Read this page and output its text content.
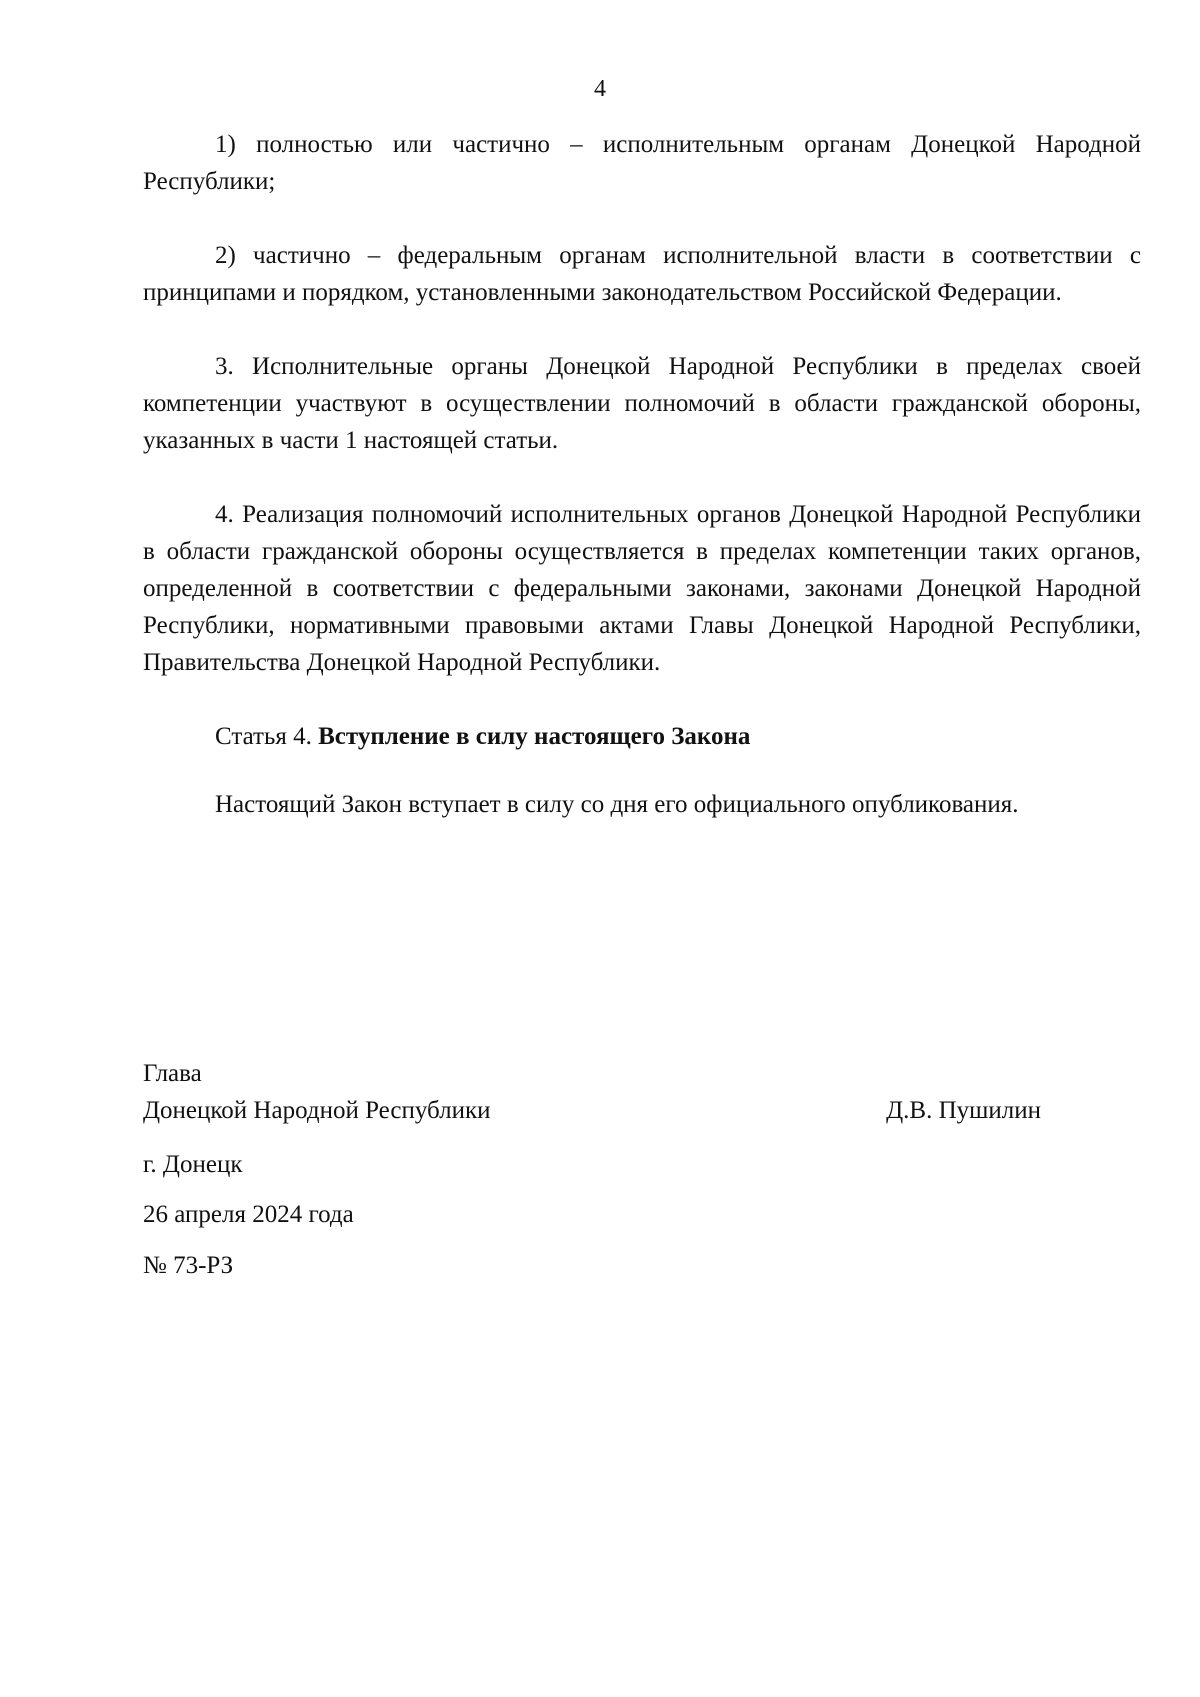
4

1) полностью или частично – исполнительным органам Донецкой Народной Республики;

2) частично – федеральным органам исполнительной власти в соответствии с принципами и порядком, установленными законодательством Российской Федерации.

3. Исполнительные органы Донецкой Народной Республики в пределах своей компетенции участвуют в осуществлении полномочий в области гражданской обороны, указанных в части 1 настоящей статьи.

4. Реализация полномочий исполнительных органов Донецкой Народной Республики в области гражданской обороны осуществляется в пределах компетенции таких органов, определенной в соответствии с федеральными законами, законами Донецкой Народной Республики, нормативными правовыми актами Главы Донецкой Народной Республики, Правительства Донецкой Народной Республики.

Статья 4. Вступление в силу настоящего Закона

Настоящий Закон вступает в силу со дня его официального опубликования.

Глава
Донецкой Народной Республики	Д.В. Пушилин
г. Донецк
26 апреля 2024 года
№ 73-РЗ
